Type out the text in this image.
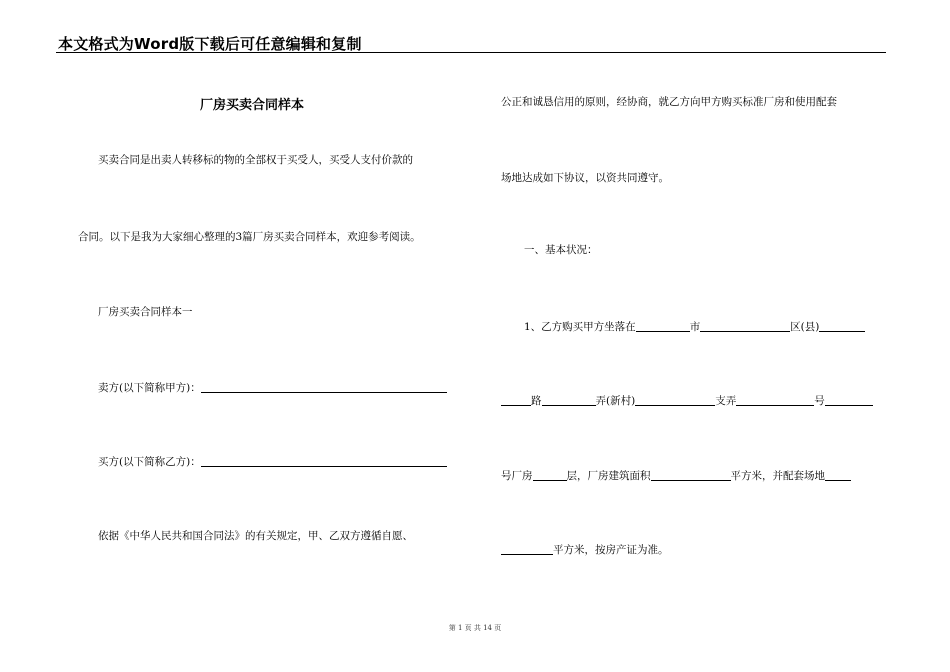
本文格式为Word版下载后可任意编辑和复制
厂房买卖合同样本
买卖合同是出卖人转移标的物的全部权于买受人，买受人支付价款的
合同。以下是我为大家细心整理的3篇厂房买卖合同样本，欢迎参考阅读。
厂房买卖合同样本一
卖方(以下简称甲方)：
买方(以下简称乙方)：
依据《中华人民共和国合同法》的有关规定，甲、乙双方遵循自愿、
公正和诚恳信用的原则，经协商，就乙方向甲方购买标准厂房和使用配套
场地达成如下协议，以资共同遵守。
一、基本状况：
1、乙方购买甲方坐落在	市	区(县)
路	弄(新村)	支弄	号
号厂房	层，厂房建筑面积	平方米，并配套场地
平方米，按房产证为准。
第 1 页 共 14 页
